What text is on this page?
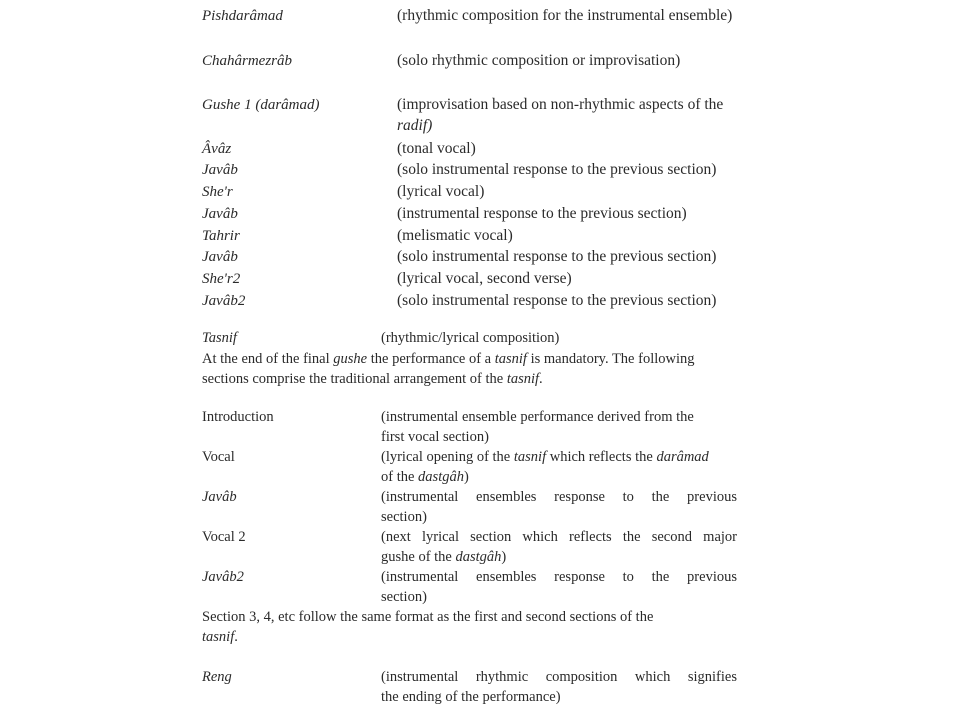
Pishdarâmad	(rhythmic composition for the instrumental ensemble)
Chahârmezrâb	(solo rhythmic composition or improvisation)
Gushe 1 (darâmad)	(improvisation based on non-rhythmic aspects of the
radif)
Âvâz	(tonal vocal)
Javâb	(solo instrumental response to the previous section)
She'r	(lyrical vocal)
Javâb	(instrumental response to the previous section)
Tahrir	(melismatic vocal)
Javâb	(solo instrumental response to the previous section)
She'r2	(lyrical vocal, second verse)
Javâb2	(solo instrumental response to the previous section)
Tasnif	(rhythmic/lyrical composition)
At the end of the final gushe the performance of a tasnif is mandatory. The following
sections comprise the traditional arrangement of the tasnif.
Introduction	(instrumental ensemble performance derived from the
first vocal section)
Vocal	(lyrical opening of the tasnif which reflects the darâmad
of the dastgâh)
Javâb	(instrumental ensembles response to the previous
section)
Vocal 2	(next lyrical section which reflects the second major
gushe of the dastgâh)
Javâb2	(instrumental ensembles response to the previous
section)
Section 3, 4, etc follow the same format as the first and second sections of the
tasnif.
Reng	(instrumental rhythmic composition which signifies
the ending of the performance)
